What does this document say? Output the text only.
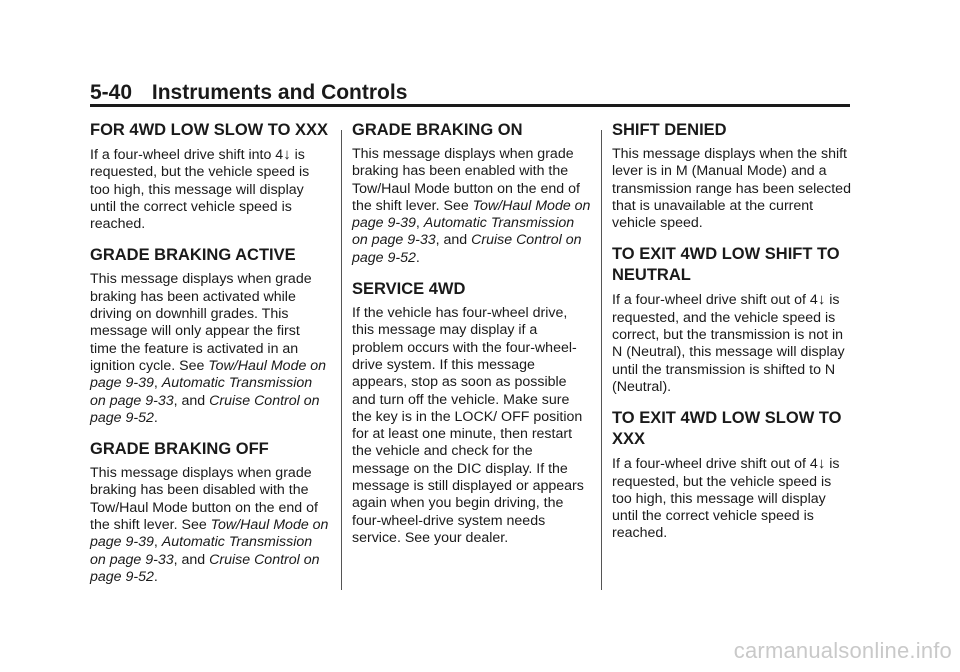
5-40 Instruments and Controls
FOR 4WD LOW SLOW TO XXX

If a four-wheel drive shift into 4↓ is requested, but the vehicle speed is too high, this message will display until the correct vehicle speed is reached.

GRADE BRAKING ACTIVE

This message displays when grade braking has been activated while driving on downhill grades. This message will only appear the first time the feature is activated in an ignition cycle. See Tow/Haul Mode on page 9-39, Automatic Transmission on page 9-33, and Cruise Control on page 9-52.

GRADE BRAKING OFF

This message displays when grade braking has been disabled with the Tow/Haul Mode button on the end of the shift lever. See Tow/Haul Mode on page 9-39, Automatic Transmission on page 9-33, and Cruise Control on page 9-52.

GRADE BRAKING ON

This message displays when grade braking has been enabled with the Tow/Haul Mode button on the end of the shift lever. See Tow/Haul Mode on page 9-39, Automatic Transmission on page 9-33, and Cruise Control on page 9-52.

SERVICE 4WD

If the vehicle has four-wheel drive, this message may display if a problem occurs with the four-wheel-drive system. If this message appears, stop as soon as possible and turn off the vehicle. Make sure the key is in the LOCK/ OFF position for at least one minute, then restart the vehicle and check for the message on the DIC display. If the message is still displayed or appears again when you begin driving, the four-wheel-drive system needs service. See your dealer.

SHIFT DENIED

This message displays when the shift lever is in M (Manual Mode) and a transmission range has been selected that is unavailable at the current vehicle speed.

TO EXIT 4WD LOW SHIFT TO NEUTRAL

If a four-wheel drive shift out of 4↓ is requested, and the vehicle speed is correct, but the transmission is not in N (Neutral), this message will display until the transmission is shifted to N (Neutral).

TO EXIT 4WD LOW SLOW TO XXX

If a four-wheel drive shift out of 4↓ is requested, but the vehicle speed is too high, this message will display until the correct vehicle speed is reached.

carmanualsonline.info
